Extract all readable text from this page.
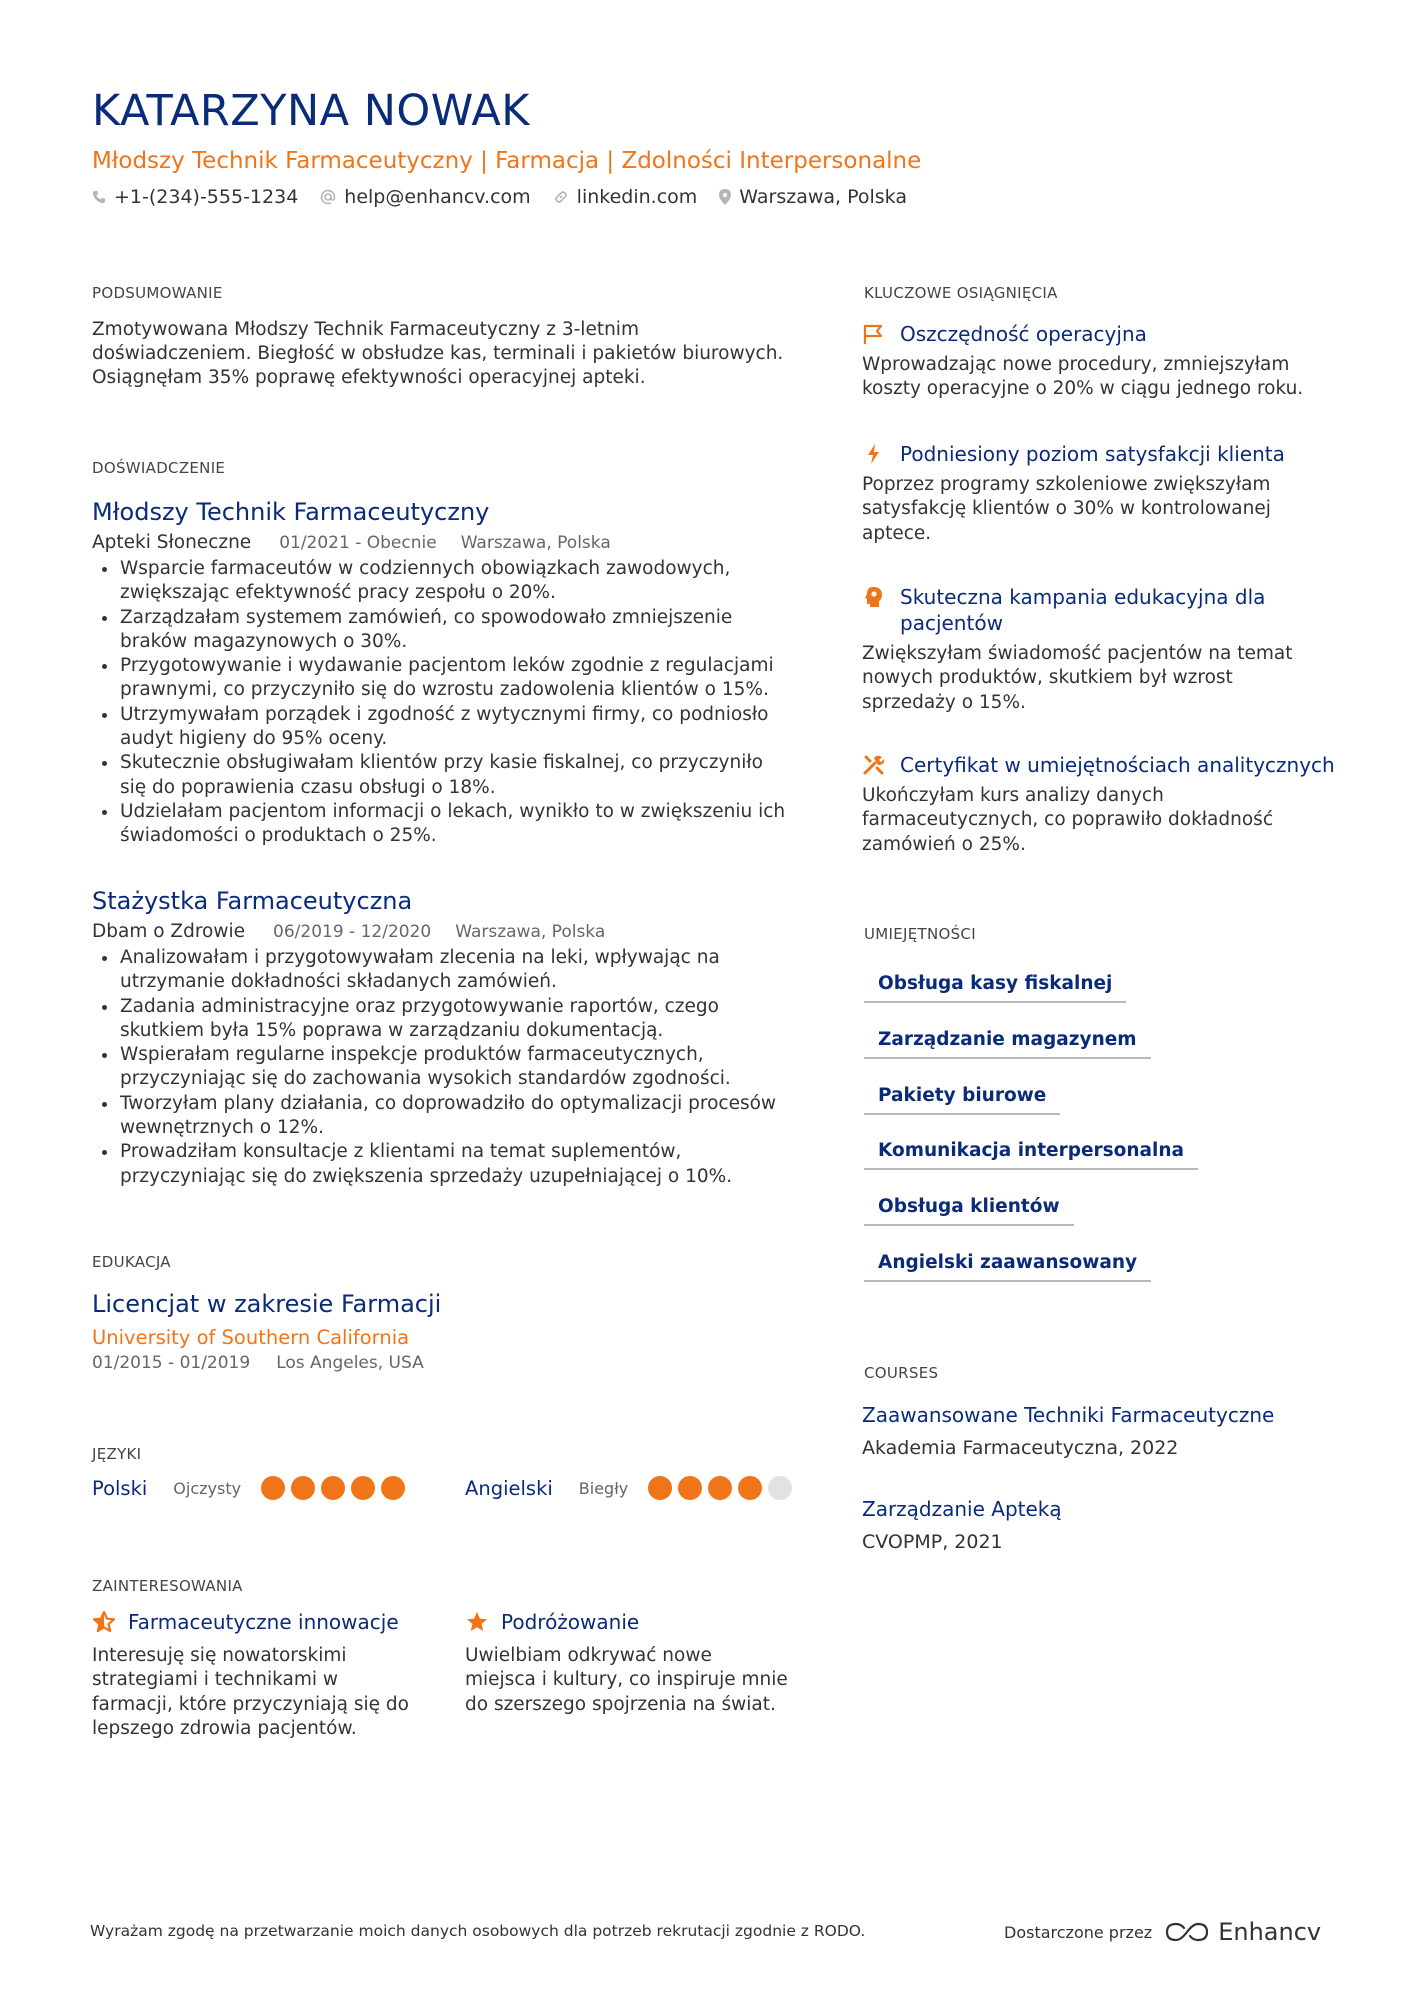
KATARZYNA NOWAK
Młodszy Technik Farmaceutyczny | Farmacja | Zdolności Interpersonalne
+1-(234)-555-1234 help@enhancv.com linkedin.com Warszawa, Polska
PODSUMOWANIE
Zmotywowana Młodszy Technik Farmaceutyczny z 3-letnim
doświadczeniem. Biegłość w obsłudze kas, terminali i pakietów biurowych.
Osiągnęłam 35% poprawę efektywności operacyjnej apteki.
DOŚWIADCZENIE
Młodszy Technik Farmaceutyczny
Apteki Słoneczne 01/2021 - Obecnie Warszawa, Polska
Wsparcie farmaceutów w codziennych obowiązkach zawodowych,
zwiększając efektywność pracy zespołu o 20%.
Zarządzałam systemem zamówień, co spowodowało zmniejszenie
braków magazynowych o 30%.
Przygotowywanie i wydawanie pacjentom leków zgodnie z regulacjami
prawnymi, co przyczyniło się do wzrostu zadowolenia klientów o 15%.
Utrzymywałam porządek i zgodność z wytycznymi firmy, co podniosło
audyt higieny do 95% oceny.
Skutecznie obsługiwałam klientów przy kasie fiskalnej, co przyczyniło
się do poprawienia czasu obsługi o 18%.
Udzielałam pacjentom informacji o lekach, wynikło to w zwiększeniu ich
świadomości o produktach o 25%.
Stażystka Farmaceutyczna
Dbam o Zdrowie 06/2019 - 12/2020 Warszawa, Polska
Analizowałam i przygotowywałam zlecenia na leki, wpływając na
utrzymanie dokładności składanych zamówień.
Zadania administracyjne oraz przygotowywanie raportów, czego
skutkiem była 15% poprawa w zarządzaniu dokumentacją.
Wspierałam regularne inspekcje produktów farmaceutycznych,
przyczyniając się do zachowania wysokich standardów zgodności.
Tworzyłam plany działania, co doprowadziło do optymalizacji procesów
wewnętrznych o 12%.
Prowadziłam konsultacje z klientami na temat suplementów,
przyczyniając się do zwiększenia sprzedaży uzupełniającej o 10%.
EDUKACJA
Licencjat w zakresie Farmacji
University of Southern California
01/2015 - 01/2019 Los Angeles, USA
JĘZYKI
Polski Ojczysty	Angielski Biegły
ZAINTERESOWANIA
Farmaceutyczne innowacje
Interesuję się nowatorskimi
strategiami i technikami w
farmacji, które przyczyniają się do
lepszego zdrowia pacjentów.
Podróżowanie
Uwielbiam odkrywać nowe
miejsca i kultury, co inspiruje mnie
do szerszego spojrzenia na świat.
KLUCZOWE OSIĄGNIĘCIA
Oszczędność operacyjna
Wprowadzając nowe procedury, zmniejszyłam
koszty operacyjne o 20% w ciągu jednego roku.
Podniesiony poziom satysfakcji klienta
Poprzez programy szkoleniowe zwiększyłam
satysfakcję klientów o 30% w kontrolowanej
aptece.
Skuteczna kampania edukacyjna dla
pacjentów
Zwiększyłam świadomość pacjentów na temat
nowych produktów, skutkiem był wzrost
sprzedaży o 15%.
Certyfikat w umiejętnościach analitycznych
Ukończyłam kurs analizy danych
farmaceutycznych, co poprawiło dokładność
zamówień o 25%.
UMIEJĘTNOŚCI
Obsługa kasy fiskalnej
Zarządzanie magazynem
Pakiety biurowe
Komunikacja interpersonalna
Obsługa klientów
Angielski zaawansowany
COURSES
Zaawansowane Techniki Farmaceutyczne
Akademia Farmaceutyczna, 2022
Zarządzanie Apteką
CVOPMP, 2021
Wyrażam zgodę na przetwarzanie moich danych osobowych dla potrzeb rekrutacji zgodnie z RODO.	Dostarczone przez	Enhancv
